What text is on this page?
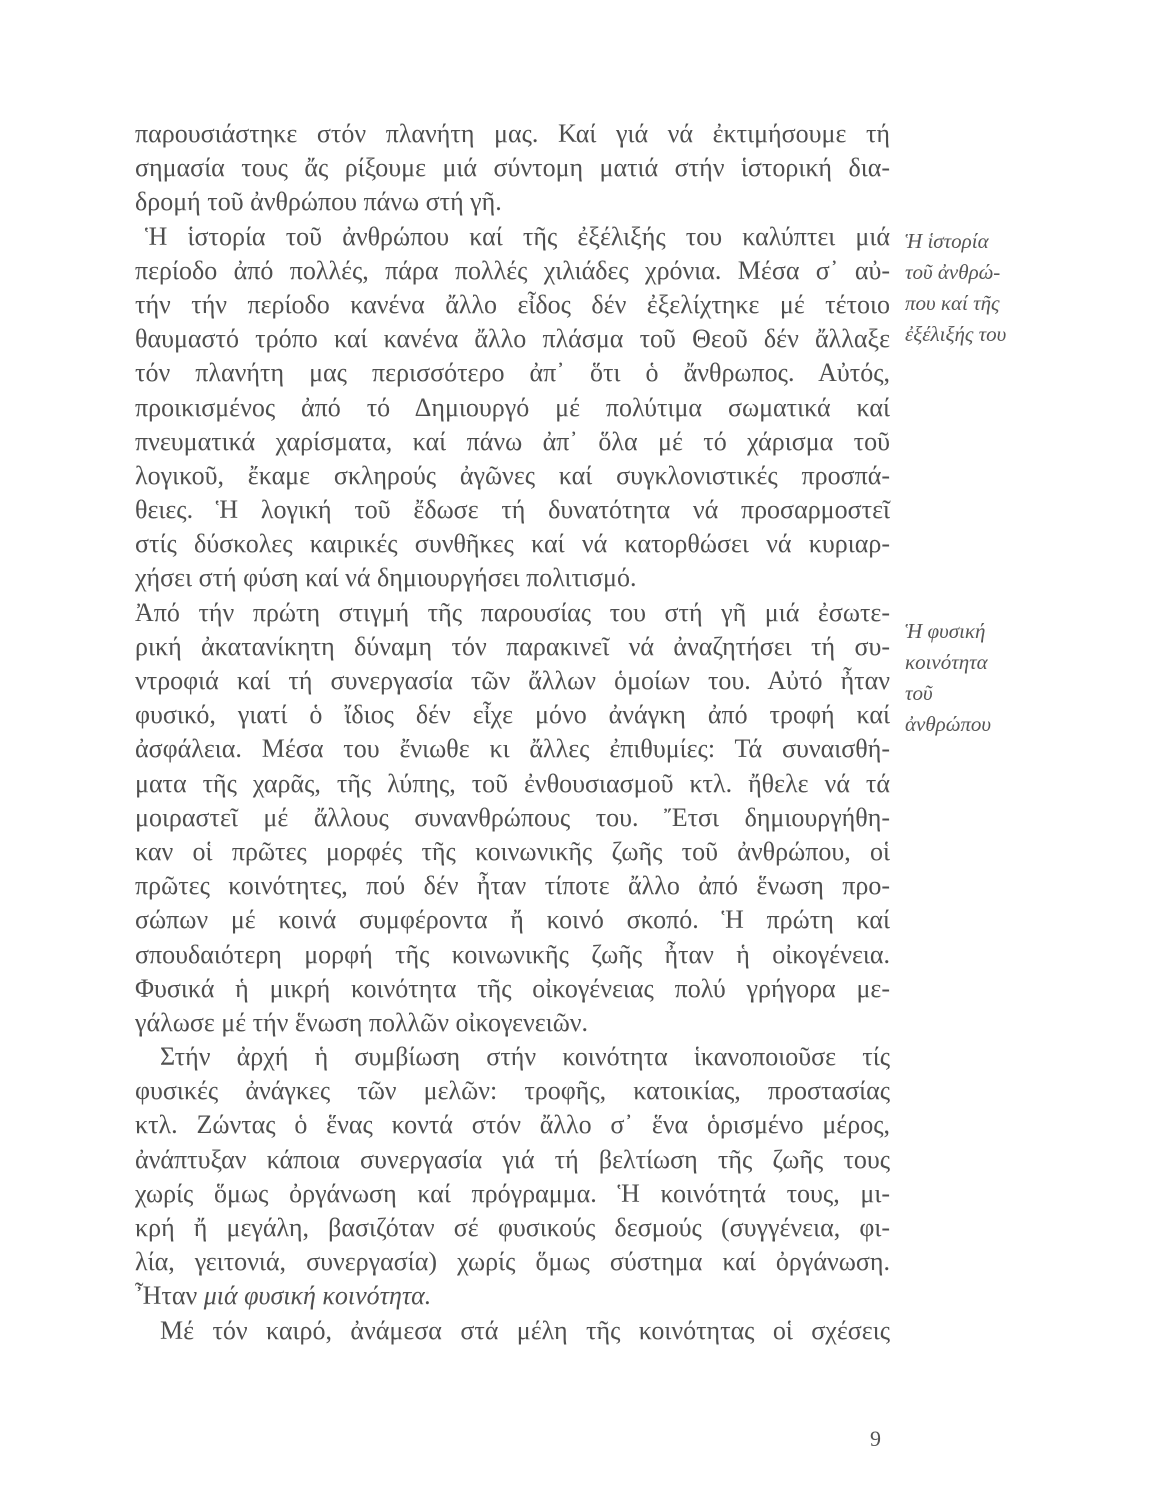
παρουσιάστηκε στόν πλανήτη μας. Καί γιά νά ἐκτιμήσουμε τή
σημασία τους ἄς ρίξουμε μιά σύντομη ματιά στήν ἱστορική δια-
δρομή τοῦ ἀνθρώπου πάνω στή γῆ.
Ἡ ἱστορία τοῦ ἀνθρώπου καί τῆς ἐξέλιξής του καλύπτει μιά
περίοδο ἀπό πολλές, πάρα πολλές χιλιάδες χρόνια. Μέσα σ᾽ αὐ-
τήν τήν περίοδο κανένα ἄλλο εἶδος δέν ἐξελίχτηκε μέ τέτοιο
θαυμαστό τρόπο καί κανένα ἄλλο πλάσμα τοῦ Θεοῦ δέν ἄλλαξε
τόν πλανήτη μας περισσότερο ἀπ᾽ ὅτι ὁ ἄνθρωπος. Αὐτός,
προικισμένος ἀπό τό Δημιουργό μέ πολύτιμα σωματικά καί
πνευματικά χαρίσματα, καί πάνω ἀπ᾽ ὅλα μέ τό χάρισμα τοῦ
λογικοῦ, ἔκαμε σκληρούς ἀγῶνες καί συγκλονιστικές προσπά-
θειες. Ἡ λογική τοῦ ἔδωσε τή δυνατότητα νά προσαρμοστεῖ
στίς δύσκολες καιρικές συνθῆκες καί νά κατορθώσει νά κυριαρ-
χήσει στή φύση καί νά δημιουργήσει πολιτισμό.
Ἀπό τήν πρώτη στιγμή τῆς παρουσίας του στή γῆ μιά ἐσωτε-
ρική ἀκατανίκητη δύναμη τόν παρακινεῖ νά ἀναζητήσει τή συ-
ντροφιά καί τή συνεργασία τῶν ἄλλων ὁμοίων του. Αὐτό ἦταν
φυσικό, γιατί ὁ ἴδιος δέν εἶχε μόνο ἀνάγκη ἀπό τροφή καί
ἀσφάλεια. Μέσα του ἔνιωθε κι ἄλλες ἐπιθυμίες: Τά συναισθή-
ματα τῆς χαρᾶς, τῆς λύπης, τοῦ ἐνθουσιασμοῦ κτλ. ἤθελε νά τά
μοιραστεῖ μέ ἄλλους συνανθρώπους του. Ἔτσι δημιουργήθη-
καν οἱ πρῶτες μορφές τῆς κοινωνικῆς ζωῆς τοῦ ἀνθρώπου, οἱ
πρῶτες κοινότητες, πού δέν ἦταν τίποτε ἄλλο ἀπό ἕνωση προ-
σώπων μέ κοινά συμφέροντα ἤ κοινό σκοπό. Ἡ πρώτη καί
σπουδαιότερη μορφή τῆς κοινωνικῆς ζωῆς ἦταν ἡ οἰκογένεια.
Φυσικά ἡ μικρή κοινότητα τῆς οἰκογένειας πολύ γρήγορα με-
γάλωσε μέ τήν ἕνωση πολλῶν οἰκογενειῶν.
Στήν ἀρχή ἡ συμβίωση στήν κοινότητα ἱκανοποιοῦσε τίς
φυσικές ἀνάγκες τῶν μελῶν: τροφῆς, κατοικίας, προστασίας
κτλ. Ζώντας ὁ ἕνας κοντά στόν ἄλλο σ᾽ ἕνα ὁρισμένο μέρος,
ἀνάπτυξαν κάποια συνεργασία γιά τή βελτίωση τῆς ζωῆς τους
χωρίς ὅμως ὀργάνωση καί πρόγραμμα. Ἡ κοινότητά τους, μι-
κρή ἤ μεγάλη, βασιζόταν σέ φυσικούς δεσμούς (συγγένεια, φι-
λία, γειτονιά, συνεργασία) χωρίς ὅμως σύστημα καί ὀργάνωση.
Ἦταν μιά φυσική κοινότητα.
Μέ τόν καιρό, ἀνάμεσα στά μέλη τῆς κοινότητας οἱ σχέσεις
Ἡ ἱστορία
τοῦ ἀνθρώ-
που καί τῆς
ἐξέλιξής του
Ἡ φυσική
κοινότητα
τοῦ
ἀνθρώπου
9
